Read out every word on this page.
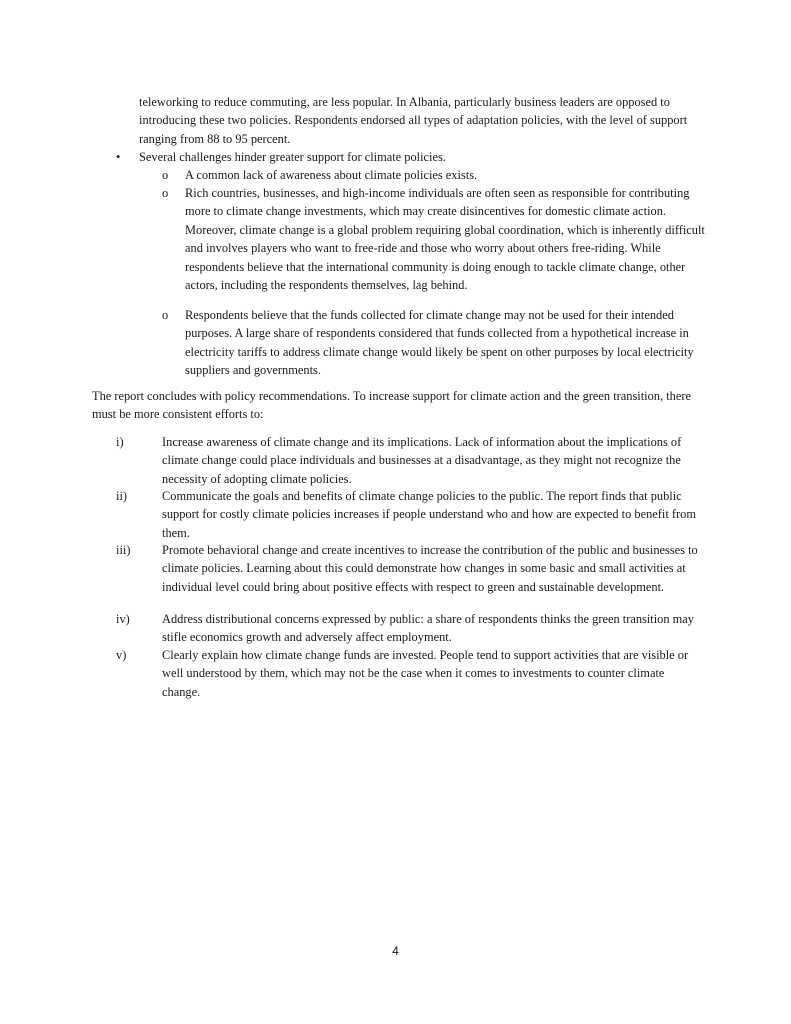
teleworking to reduce commuting, are less popular. In Albania, particularly business leaders are opposed to introducing these two policies. Respondents endorsed all types of adaptation policies, with the level of support ranging from 88 to 95 percent.

•	Several challenges hinder greater support for climate policies.

o	A common lack of awareness about climate policies exists.

o	Rich countries, businesses, and high-income individuals are often seen as responsible for contributing more to climate change investments, which may create disincentives for domestic climate action. Moreover, climate change is a global problem requiring global coordination, which is inherently difficult and involves players who want to free-ride and those who worry about others free-riding. While respondents believe that the international community is doing enough to tackle climate change, other actors, including the respondents themselves, lag behind.

o	Respondents believe that the funds collected for climate change may not be used for their intended purposes. A large share of respondents considered that funds collected from a hypothetical increase in electricity tariffs to address climate change would likely be spent on other purposes by local electricity suppliers and governments.

The report concludes with policy recommendations. To increase support for climate action and the green transition, there must be more consistent efforts to:

i)	Increase awareness of climate change and its implications. Lack of information about the implications of climate change could place individuals and businesses at a disadvantage, as they might not recognize the necessity of adopting climate policies.

ii)	Communicate the goals and benefits of climate change policies to the public. The report finds that public support for costly climate policies increases if people understand who and how are expected to benefit from them.

iii)	Promote behavioral change and create incentives to increase the contribution of the public and businesses to climate policies. Learning about this could demonstrate how changes in some basic and small activities at individual level could bring about positive effects with respect to green and sustainable development.

iv)	Address distributional concerns expressed by public: a share of respondents thinks the green transition may stifle economics growth and adversely affect employment.

v)	Clearly explain how climate change funds are invested. People tend to support activities that are visible or well understood by them, which may not be the case when it comes to investments to counter climate change.

4
